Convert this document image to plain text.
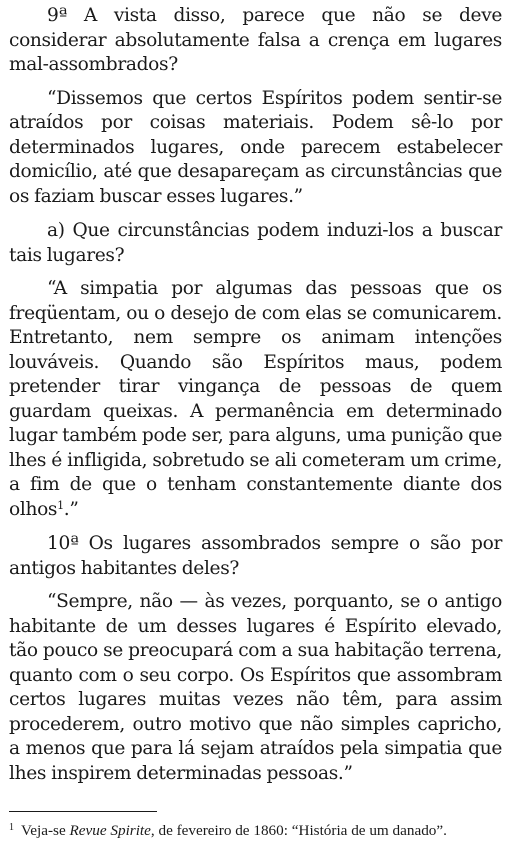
9ª A vista disso, parece que não se deve considerar absolutamente falsa a crença em lugares mal-assombrados?

“Dissemos que certos Espíritos podem sentir-se atraídos por coisas materiais. Podem sê-lo por determinados lugares, onde parecem estabelecer domicílio, até que desapareçam as circunstâncias que os faziam buscar esses lugares.”

a) Que circunstâncias podem induzi-los a buscar tais lugares?

“A simpatia por algumas das pessoas que os freqüentam, ou o desejo de com elas se comunicarem. Entretanto, nem sempre os animam intenções louváveis. Quando são Espíritos maus, podem pretender tirar vingança de pessoas de quem guardam queixas. A permanência em determinado lugar também pode ser, para alguns, uma punição que lhes é infligida, sobretudo se ali cometeram um crime, a fim de que o tenham constantemente diante dos olhos$^1$.”

10ª Os lugares assombrados sempre o são por antigos habitantes deles?

“Sempre, não — às vezes, porquanto, se o antigo habitante de um desses lugares é Espírito elevado, tão pouco se preocupará com a sua habitação terrena, quanto com o seu corpo. Os Espíritos que assombram certos lugares muitas vezes não têm, para assim procederem, outro motivo que não simples capricho, a menos que para lá sejam atraídos pela simpatia que lhes inspirem determinadas pessoas.”

$^1$ Veja-se Revue Spirite, de fevereiro de 1860: “História de um danado”.
